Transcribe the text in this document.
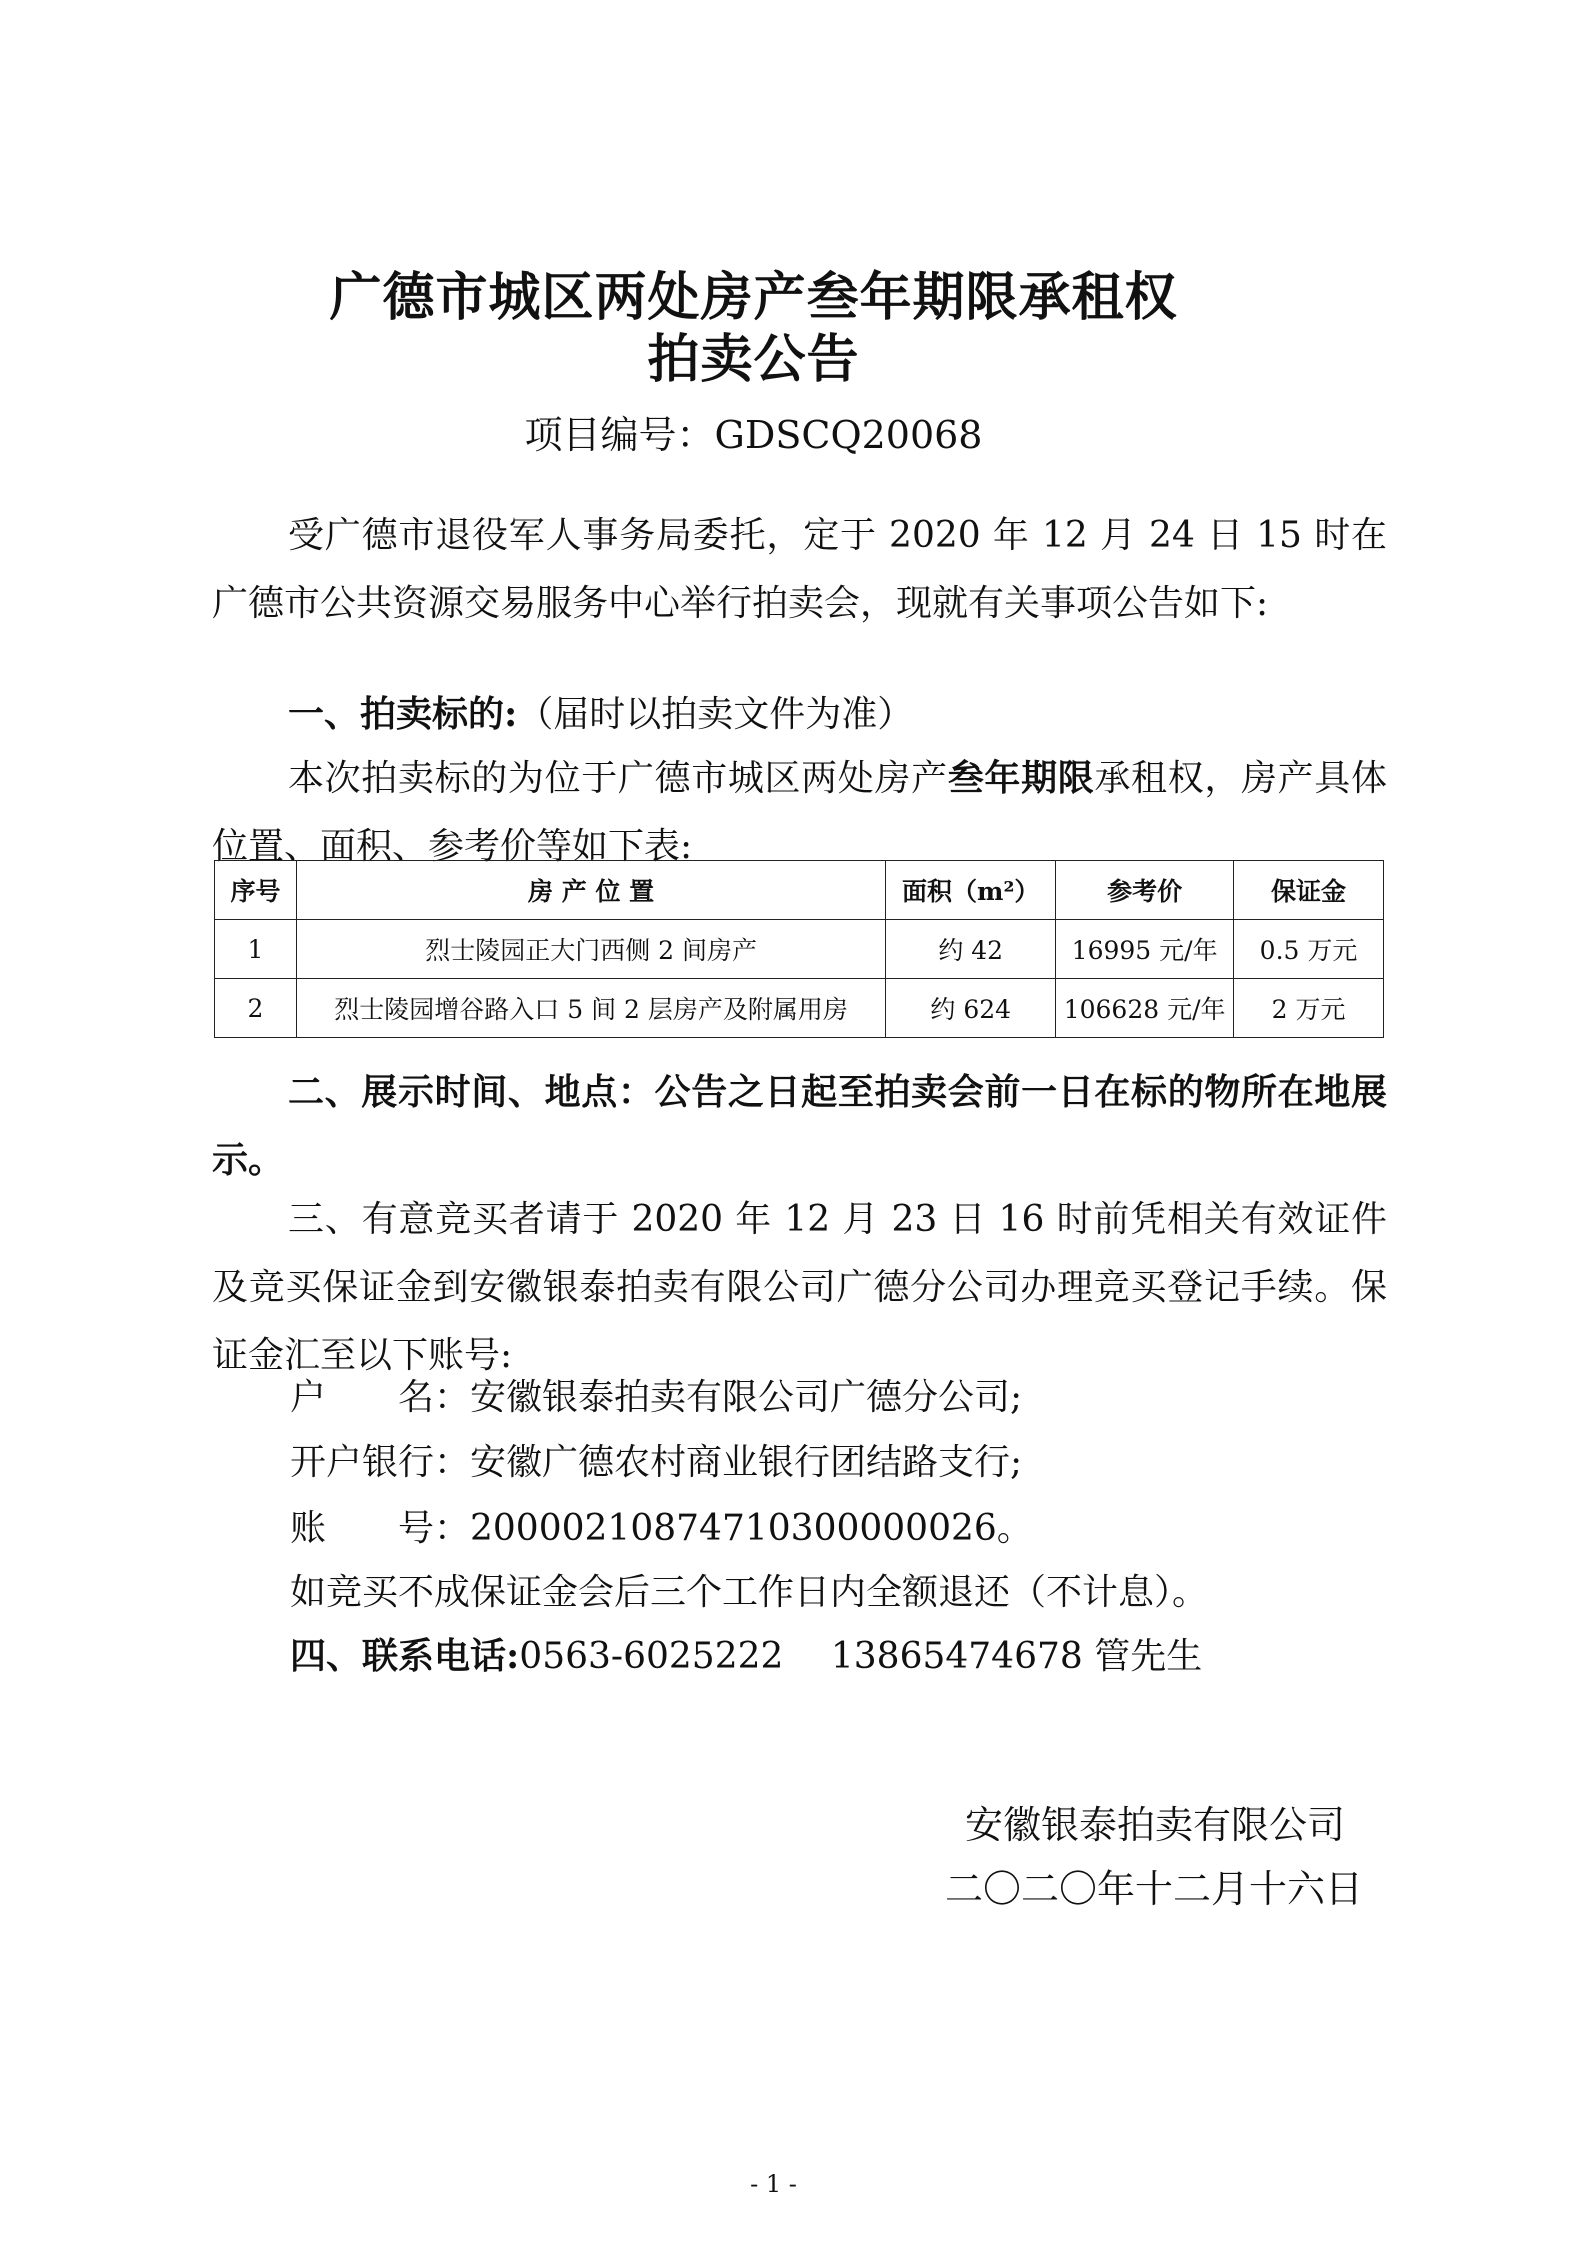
广德市城区两处房产叁年期限承租权
拍卖公告
项目编号：GDSCQ20068
受广德市退役军人事务局委托，定于 2020 年 12 月 24 日 15 时在广德市公共资源交易服务中心举行拍卖会，现就有关事项公告如下:
一、拍卖标的:（届时以拍卖文件为准）
本次拍卖标的为位于广德市城区两处房产叁年期限承租权，房产具体位置、面积、参考价等如下表:
序号	房 产 位 置	面积（m²）	参考价	保证金
1	烈士陵园正大门西侧 2 间房产	约 42	16995 元/年	0.5 万元
2	烈士陵园增谷路入口 5 间 2 层房产及附属用房	约 624	106628 元/年	2 万元
二、展示时间、地点：公告之日起至拍卖会前一日在标的物所在地展示。
三、有意竞买者请于 2020 年 12 月 23 日 16 时前凭相关有效证件及竞买保证金到安徽银泰拍卖有限公司广德分公司办理竞买登记手续。保证金汇至以下账号:
户　　名：安徽银泰拍卖有限公司广德分公司;
开户银行：安徽广德农村商业银行团结路支行;
账　　号：20000210874710300000026。
如竞买不成保证金会后三个工作日内全额退还（不计息）。
四、联系电话:0563-6025222　 13865474678 管先生
安徽银泰拍卖有限公司
二〇二〇年十二月十六日
- 1 -
